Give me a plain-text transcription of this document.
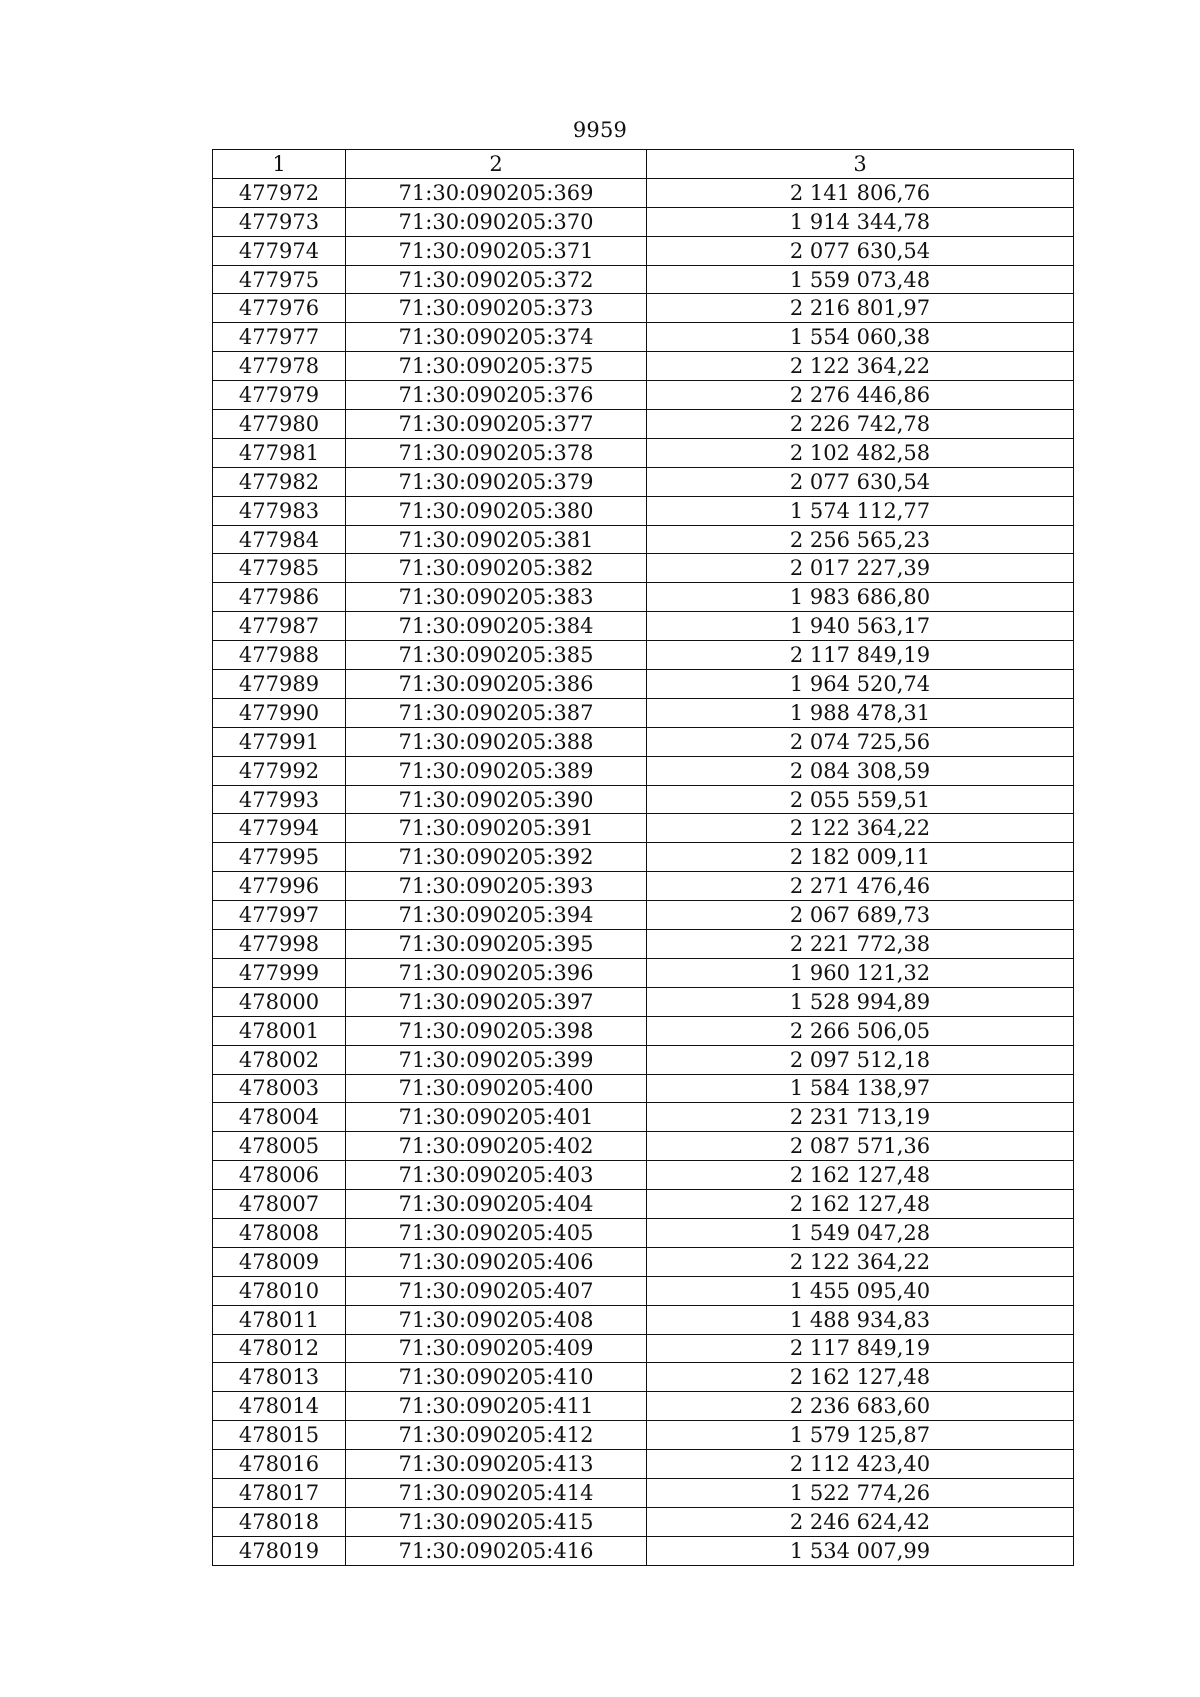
9959
1	2	3
477972	71:30:090205:369	2 141 806,76
477973	71:30:090205:370	1 914 344,78
477974	71:30:090205:371	2 077 630,54
477975	71:30:090205:372	1 559 073,48
477976	71:30:090205:373	2 216 801,97
477977	71:30:090205:374	1 554 060,38
477978	71:30:090205:375	2 122 364,22
477979	71:30:090205:376	2 276 446,86
477980	71:30:090205:377	2 226 742,78
477981	71:30:090205:378	2 102 482,58
477982	71:30:090205:379	2 077 630,54
477983	71:30:090205:380	1 574 112,77
477984	71:30:090205:381	2 256 565,23
477985	71:30:090205:382	2 017 227,39
477986	71:30:090205:383	1 983 686,80
477987	71:30:090205:384	1 940 563,17
477988	71:30:090205:385	2 117 849,19
477989	71:30:090205:386	1 964 520,74
477990	71:30:090205:387	1 988 478,31
477991	71:30:090205:388	2 074 725,56
477992	71:30:090205:389	2 084 308,59
477993	71:30:090205:390	2 055 559,51
477994	71:30:090205:391	2 122 364,22
477995	71:30:090205:392	2 182 009,11
477996	71:30:090205:393	2 271 476,46
477997	71:30:090205:394	2 067 689,73
477998	71:30:090205:395	2 221 772,38
477999	71:30:090205:396	1 960 121,32
478000	71:30:090205:397	1 528 994,89
478001	71:30:090205:398	2 266 506,05
478002	71:30:090205:399	2 097 512,18
478003	71:30:090205:400	1 584 138,97
478004	71:30:090205:401	2 231 713,19
478005	71:30:090205:402	2 087 571,36
478006	71:30:090205:403	2 162 127,48
478007	71:30:090205:404	2 162 127,48
478008	71:30:090205:405	1 549 047,28
478009	71:30:090205:406	2 122 364,22
478010	71:30:090205:407	1 455 095,40
478011	71:30:090205:408	1 488 934,83
478012	71:30:090205:409	2 117 849,19
478013	71:30:090205:410	2 162 127,48
478014	71:30:090205:411	2 236 683,60
478015	71:30:090205:412	1 579 125,87
478016	71:30:090205:413	2 112 423,40
478017	71:30:090205:414	1 522 774,26
478018	71:30:090205:415	2 246 624,42
478019	71:30:090205:416	1 534 007,99
